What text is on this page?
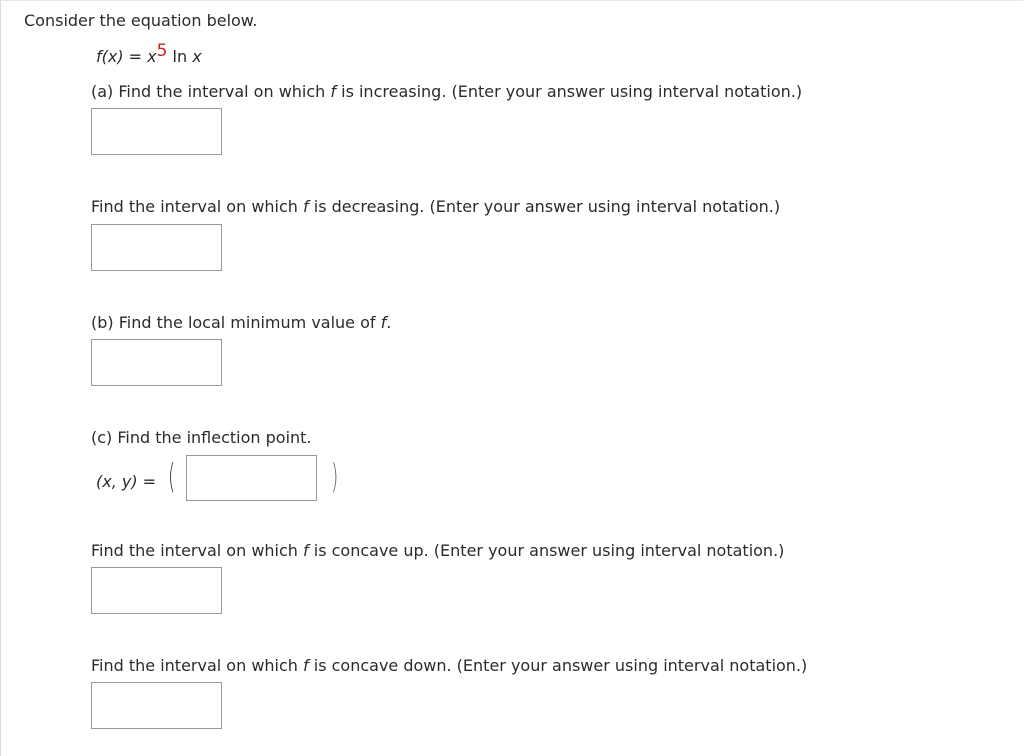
Consider the equation below.
f(x) = x5 ln x
(a) Find the interval on which f is increasing. (Enter your answer using interval notation.)
Find the interval on which f is decreasing. (Enter your answer using interval notation.)
(b) Find the local minimum value of f.
(c) Find the inflection point.
(x, y) = (	)
Find the interval on which f is concave up. (Enter your answer using interval notation.)
Find the interval on which f is concave down. (Enter your answer using interval notation.)
